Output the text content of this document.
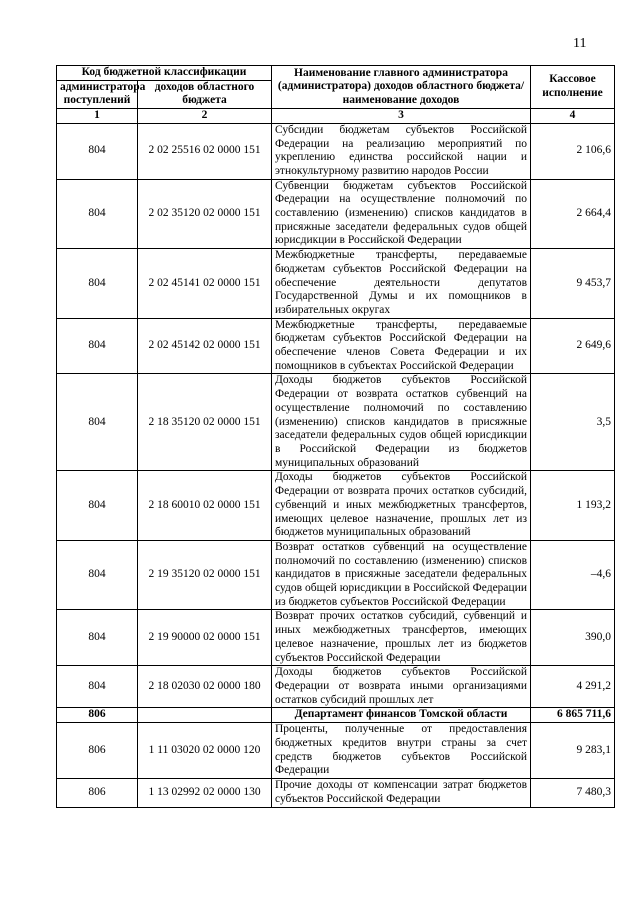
11
Код бюджетной классификации		Наименование главного администратора (администратора) доходов областного бюджета/ наименование доходов	Кассовое исполнение
администратора поступлений	доходов областного бюджета		
1	2	3	4
804	2 02 25516 02 0000 151	Субсидии бюджетам субъектов Российской Федерации на реализацию мероприятий по укреплению единства российской нации и этнокультурному развитию народов России	2 106,6
804	2 02 35120 02 0000 151	Субвенции бюджетам субъектов Российской Федерации на осуществление полномочий по составлению (изменению) списков кандидатов в присяжные заседатели федеральных судов общей юрисдикции в Российской Федерации	2 664,4
804	2 02 45141 02 0000 151	Межбюджетные трансферты, передаваемые бюджетам субъектов Российской Федерации на обеспечение деятельности депутатов Государственной Думы и их помощников в избирательных округах	9 453,7
804	2 02 45142 02 0000 151	Межбюджетные трансферты, передаваемые бюджетам субъектов Российской Федерации на обеспечение членов Совета Федерации и их помощников в субъектах Российской Федерации	2 649,6
804	2 18 35120 02 0000 151	Доходы бюджетов субъектов Российской Федерации от возврата остатков субвенций на осуществление полномочий по составлению (изменению) списков кандидатов в присяжные заседатели федеральных судов общей юрисдикции в Российской Федерации из бюджетов муниципальных образований	3,5
804	2 18 60010 02 0000 151	Доходы бюджетов субъектов Российской Федерации от возврата прочих остатков субсидий, субвенций и иных межбюджетных трансфертов, имеющих целевое назначение, прошлых лет из бюджетов муниципальных образований	1 193,2
804	2 19 35120 02 0000 151	Возврат остатков субвенций на осуществление полномочий по составлению (изменению) списков кандидатов в присяжные заседатели федеральных судов общей юрисдикции в Российской Федерации из бюджетов субъектов Российской Федерации	–4,6
804	2 19 90000 02 0000 151	Возврат прочих остатков субсидий, субвенций и иных межбюджетных трансфертов, имеющих целевое назначение, прошлых лет из бюджетов субъектов Российской Федерации	390,0
804	2 18 02030 02 0000 180	Доходы бюджетов субъектов Российской Федерации от возврата иными организациями остатков субсидий прошлых лет	4 291,2
806		Департамент финансов Томской области	6 865 711,6
806	1 11 03020 02 0000 120	Проценты, полученные от предоставления бюджетных кредитов внутри страны за счет средств бюджетов субъектов Российской Федерации	9 283,1
806	1 13 02992 02 0000 130	Прочие доходы от компенсации затрат бюджетов субъектов Российской Федерации	7 480,3
